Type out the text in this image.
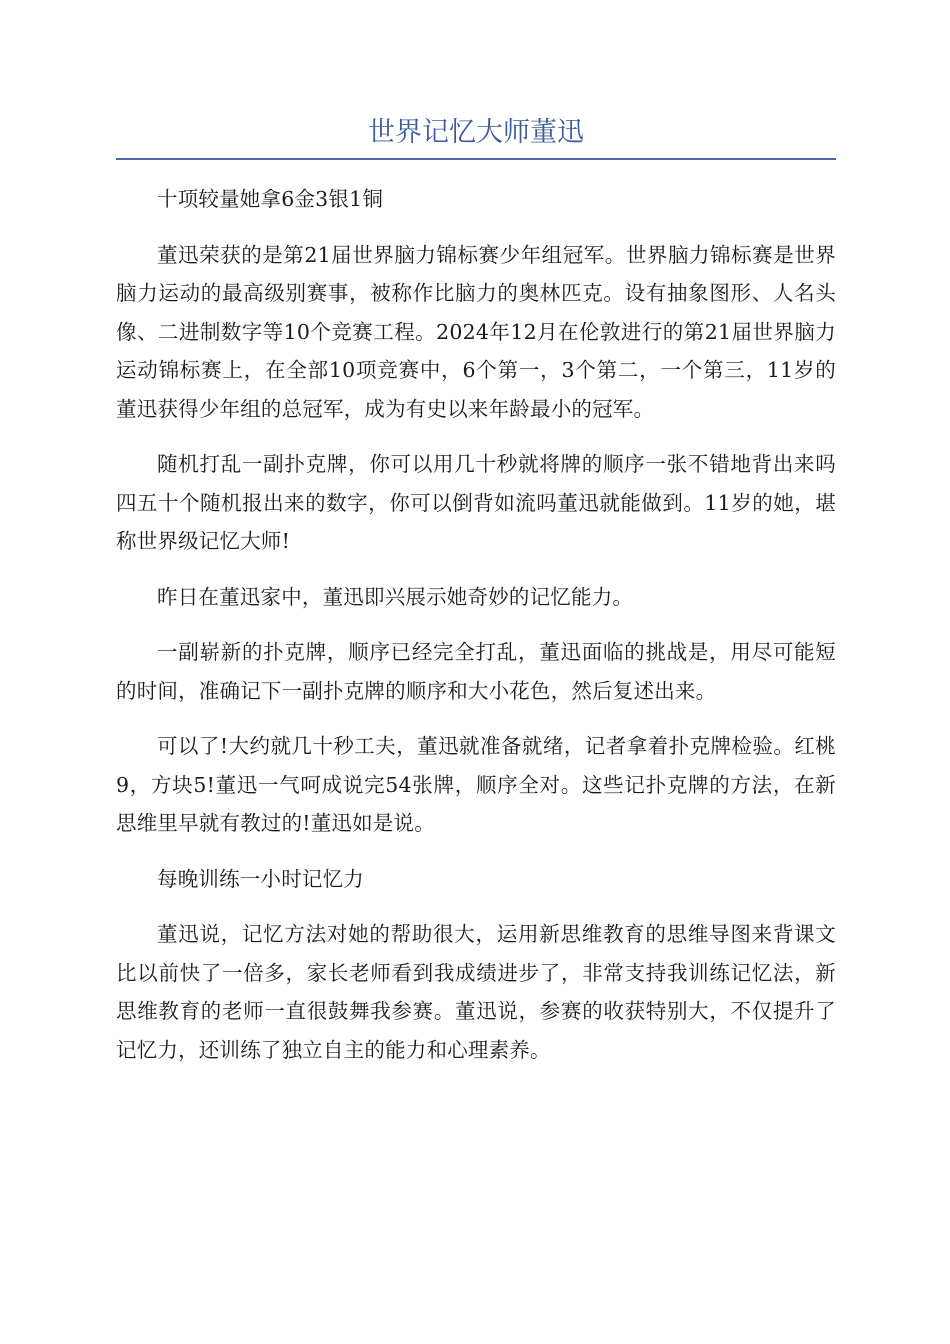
世界记忆大师董迅

十项较量她拿6金3银1铜

董迅荣获的是第21届世界脑力锦标赛少年组冠军。世界脑力锦标赛是世界脑力运动的最高级别赛事，被称作比脑力的奥林匹克。设有抽象图形、人名头像、二进制数字等10个竞赛工程。2024年12月在伦敦进行的第21届世界脑力运动锦标赛上，在全部10项竞赛中，6个第一，3个第二，一个第三，11岁的董迅获得少年组的总冠军，成为有史以来年龄最小的冠军。

随机打乱一副扑克牌，你可以用几十秒就将牌的顺序一张不错地背出来吗四五十个随机报出来的数字，你可以倒背如流吗董迅就能做到。11岁的她，堪称世界级记忆大师!

昨日在董迅家中，董迅即兴展示她奇妙的记忆能力。

一副崭新的扑克牌，顺序已经完全打乱，董迅面临的挑战是，用尽可能短的时间，准确记下一副扑克牌的顺序和大小花色，然后复述出来。

可以了!大约就几十秒工夫，董迅就准备就绪，记者拿着扑克牌检验。红桃9，方块5!董迅一气呵成说完54张牌，顺序全对。这些记扑克牌的方法，在新思维里早就有教过的!董迅如是说。

每晚训练一小时记忆力

董迅说，记忆方法对她的帮助很大，运用新思维教育的思维导图来背课文比以前快了一倍多，家长老师看到我成绩进步了，非常支持我训练记忆法，新思维教育的老师一直很鼓舞我参赛。董迅说，参赛的收获特别大，不仅提升了记忆力，还训练了独立自主的能力和心理素养。
